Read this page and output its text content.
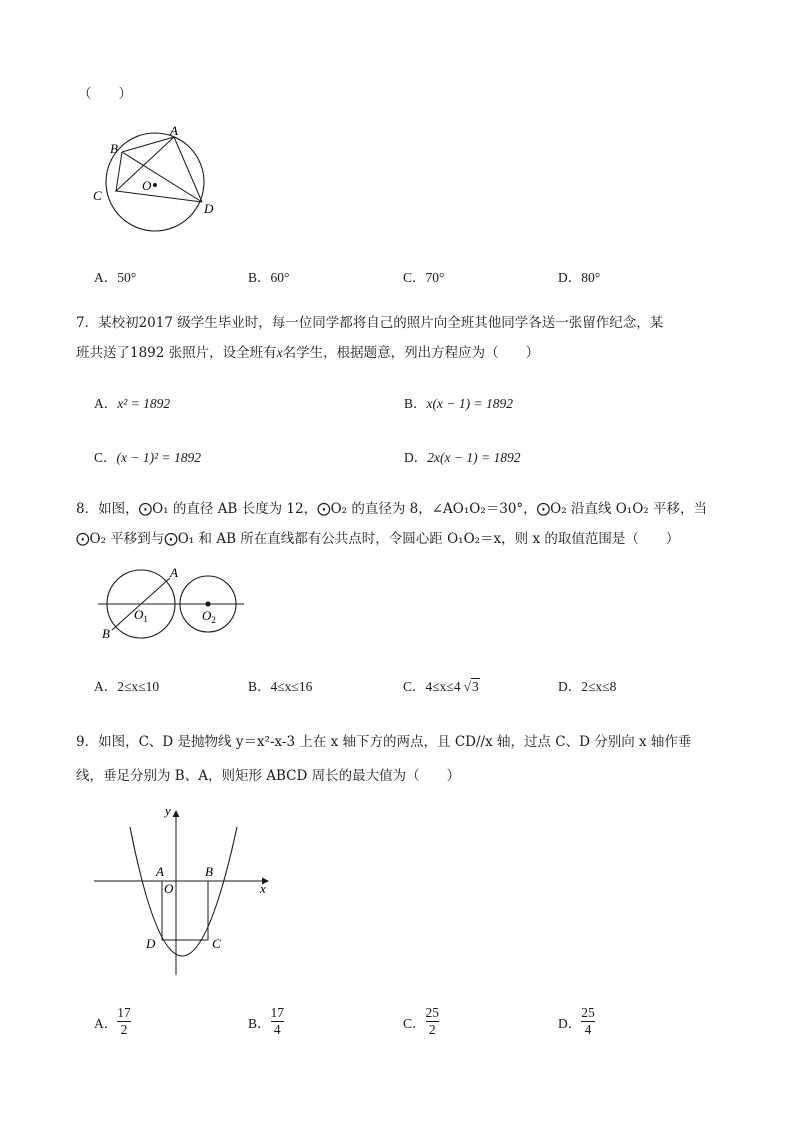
（　　）
B
A
C
O
D
A．50°	B．60°	C．70°	D．80°
7．某校初2017 级学生毕业时，每一位同学都将自己的照片向全班其他同学各送一张留作纪念，某
班共送了1892 张照片，设全班有x名学生，根据题意，列出方程应为（　　）
A．x² = 1892	B．x(x − 1) = 1892
C．(x − 1)² = 1892	D．2x(x − 1) = 1892
8．如图，⨀O₁ 的直径 AB 长度为 12，⨀O₂ 的直径为 8，∠AO₁O₂＝30°，⨀O₂ 沿直线 O₁O₂ 平移，当
⨀O₂ 平移到与⨀O₁ 和 AB 所在直线都有公共点时，令圆心距 O₁O₂＝x，则 x 的取值范围是（　　）
A
B
$O_1$	$O_2$
A．2≤x≤10	B．4≤x≤16	C．4≤x≤4 √3	D．2≤x≤8
9．如图，C、D 是抛物线 y＝x²-x-3 上在 x 轴下方的两点，且 CD//x 轴，过点 C、D 分别向 x 轴作垂
线，垂足分别为 B、A，则矩形 ABCD 周长的最大值为（　　）
y
x
A
O
B
C
D
A． $\frac{17}{2}$	B． $\frac{17}{4}$	C． $\frac{25}{2}$	D． $\frac{25}{4}$
